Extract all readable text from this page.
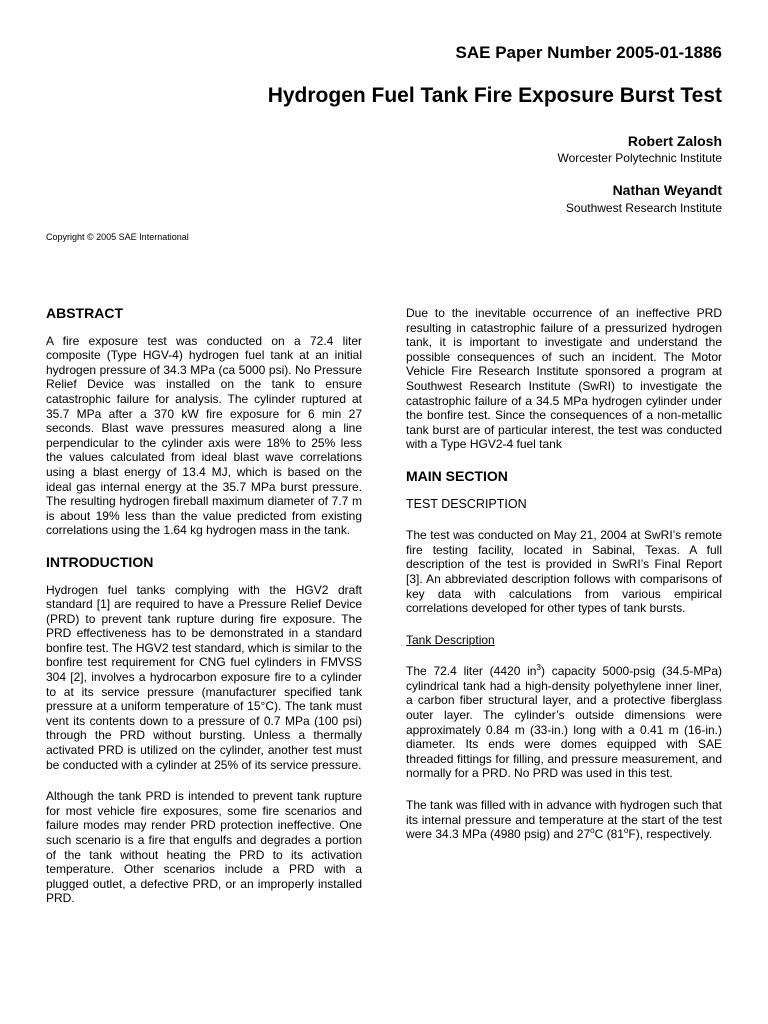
SAE Paper Number 2005-01-1886
Hydrogen Fuel Tank Fire Exposure Burst Test
Robert Zalosh
Worcester Polytechnic Institute
Nathan Weyandt
Southwest Research Institute
Copyright © 2005 SAE International
ABSTRACT

A fire exposure test was conducted on a 72.4 liter composite (Type HGV-4) hydrogen fuel tank at an initial hydrogen pressure of 34.3 MPa (ca 5000 psi). No Pressure Relief Device was installed on the tank to ensure catastrophic failure for analysis. The cylinder ruptured at 35.7 MPa after a 370 kW fire exposure for 6 min 27 seconds. Blast wave pressures measured along a line perpendicular to the cylinder axis were 18% to 25% less the values calculated from ideal blast wave correlations using a blast energy of 13.4 MJ, which is based on the ideal gas internal energy at the 35.7 MPa burst pressure. The resulting hydrogen fireball maximum diameter of 7.7 m is about 19% less than the value predicted from existing correlations using the 1.64 kg hydrogen mass in the tank.

INTRODUCTION

Hydrogen fuel tanks complying with the HGV2 draft standard [1] are required to have a Pressure Relief Device (PRD) to prevent tank rupture during fire exposure. The PRD effectiveness has to be demonstrated in a standard bonfire test. The HGV2 test standard, which is similar to the bonfire test requirement for CNG fuel cylinders in FMVSS 304 [2], involves a hydrocarbon exposure fire to a cylinder to at its service pressure (manufacturer specified tank pressure at a uniform temperature of 15°C). The tank must vent its contents down to a pressure of 0.7 MPa (100 psi) through the PRD without bursting. Unless a thermally activated PRD is utilized on the cylinder, another test must be conducted with a cylinder at 25% of its service pressure.

Although the tank PRD is intended to prevent tank rupture for most vehicle fire exposures, some fire scenarios and failure modes may render PRD protection ineffective. One such scenario is a fire that engulfs and degrades a portion of the tank without heating the PRD to its activation temperature. Other scenarios include a PRD with a plugged outlet, a defective PRD, or an improperly installed PRD.

Due to the inevitable occurrence of an ineffective PRD resulting in catastrophic failure of a pressurized hydrogen tank, it is important to investigate and understand the possible consequences of such an incident. The Motor Vehicle Fire Research Institute sponsored a program at Southwest Research Institute (SwRI) to investigate the catastrophic failure of a 34.5 MPa hydrogen cylinder under the bonfire test. Since the consequences of a non-metallic tank burst are of particular interest, the test was conducted with a Type HGV2-4 fuel tank

MAIN SECTION
TEST DESCRIPTION

The test was conducted on May 21, 2004 at SwRI’s remote fire testing facility, located in Sabinal, Texas. A full description of the test is provided in SwRI’s Final Report [3]. An abbreviated description follows with comparisons of key data with calculations from various empirical correlations developed for other types of tank bursts.

Tank Description

The 72.4 liter (4420 $in^3$) capacity 5000-psig (34.5-MPa) cylindrical tank had a high-density polyethylene inner liner, a carbon fiber structural layer, and a protective fiberglass outer layer. The cylinder’s outside dimensions were approximately 0.84 m (33-in.) long with a 0.41 m (16-in.) diameter. Its ends were domes equipped with SAE threaded fittings for filling, and pressure measurement, and normally for a PRD. No PRD was used in this test.

The tank was filled with in advance with hydrogen such that its internal pressure and temperature at the start of the test were 34.3 MPa (4980 psig) and 27$^o$C (81$^o$F), respectively.
